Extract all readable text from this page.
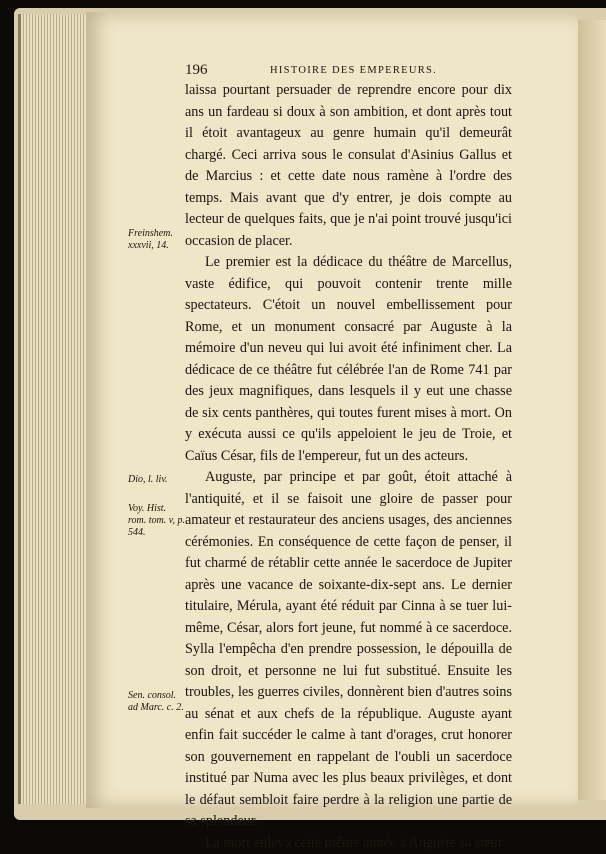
196	HISTOIRE DES EMPEREURS.

laissa pourtant persuader de reprendre encore pour dix ans un fardeau si doux à son ambition, et dont après tout il étoit avantageux au genre humain qu'il demeurât chargé. Ceci arriva sous le consulat d'Asinius Gallus et de Marcius : et cette date nous ramène à l'ordre des temps. Mais avant que d'y entrer, je dois compte au lecteur de quelques faits, que je n'ai point trouvé jusqu'ici occasion de placer.

Le premier est la dédicace du théâtre de Marcellus, vaste édifice, qui pouvoit contenir trente mille spectateurs. C'étoit un nouvel embellissement pour Rome, et un monument consacré par Auguste à la mémoire d'un neveu qui lui avoit été infiniment cher. La dédicace de ce théâtre fut célébrée l'an de Rome 741 par des jeux magnifiques, dans lesquels il y eut une chasse de six cents panthères, qui toutes furent mises à mort. On y exécuta aussi ce qu'ils appeloient le jeu de Troie, et Caïus César, fils de l'empereur, fut un des acteurs.

Auguste, par principe et par goût, étoit attaché à l'antiquité, et il se faisoit une gloire de passer pour amateur et restaurateur des anciens usages, des anciennes cérémonies. En conséquence de cette façon de penser, il fut charmé de rétablir cette année le sacerdoce de Jupiter après une vacance de soixante-dix-sept ans. Le dernier titulaire, Mérula, ayant été réduit par Cinna à se tuer lui-même, César, alors fort jeune, fut nommé à ce sacerdoce. Sylla l'empêcha d'en prendre possession, le dépouilla de son droit, et personne ne lui fut substitué. Ensuite les troubles, les guerres civiles, donnèrent bien d'autres soins au sénat et aux chefs de la république. Auguste ayant enfin fait succéder le calme à tant d'orages, crut honorer son gouvernement en rappelant de l'oubli un sacerdoce institué par Numa avec les plus beaux privilèges, et dont le défaut sembloit faire perdre à la religion une partie de sa splendeur.

La mort enleva cette même année à Auguste sa sœur

Freinshem. xxxvii, 14.
Dio, l. liv.
Voy. Hist. rom. tom. v, p. 544.
Sen. consol. ad Marc. c. 2.
